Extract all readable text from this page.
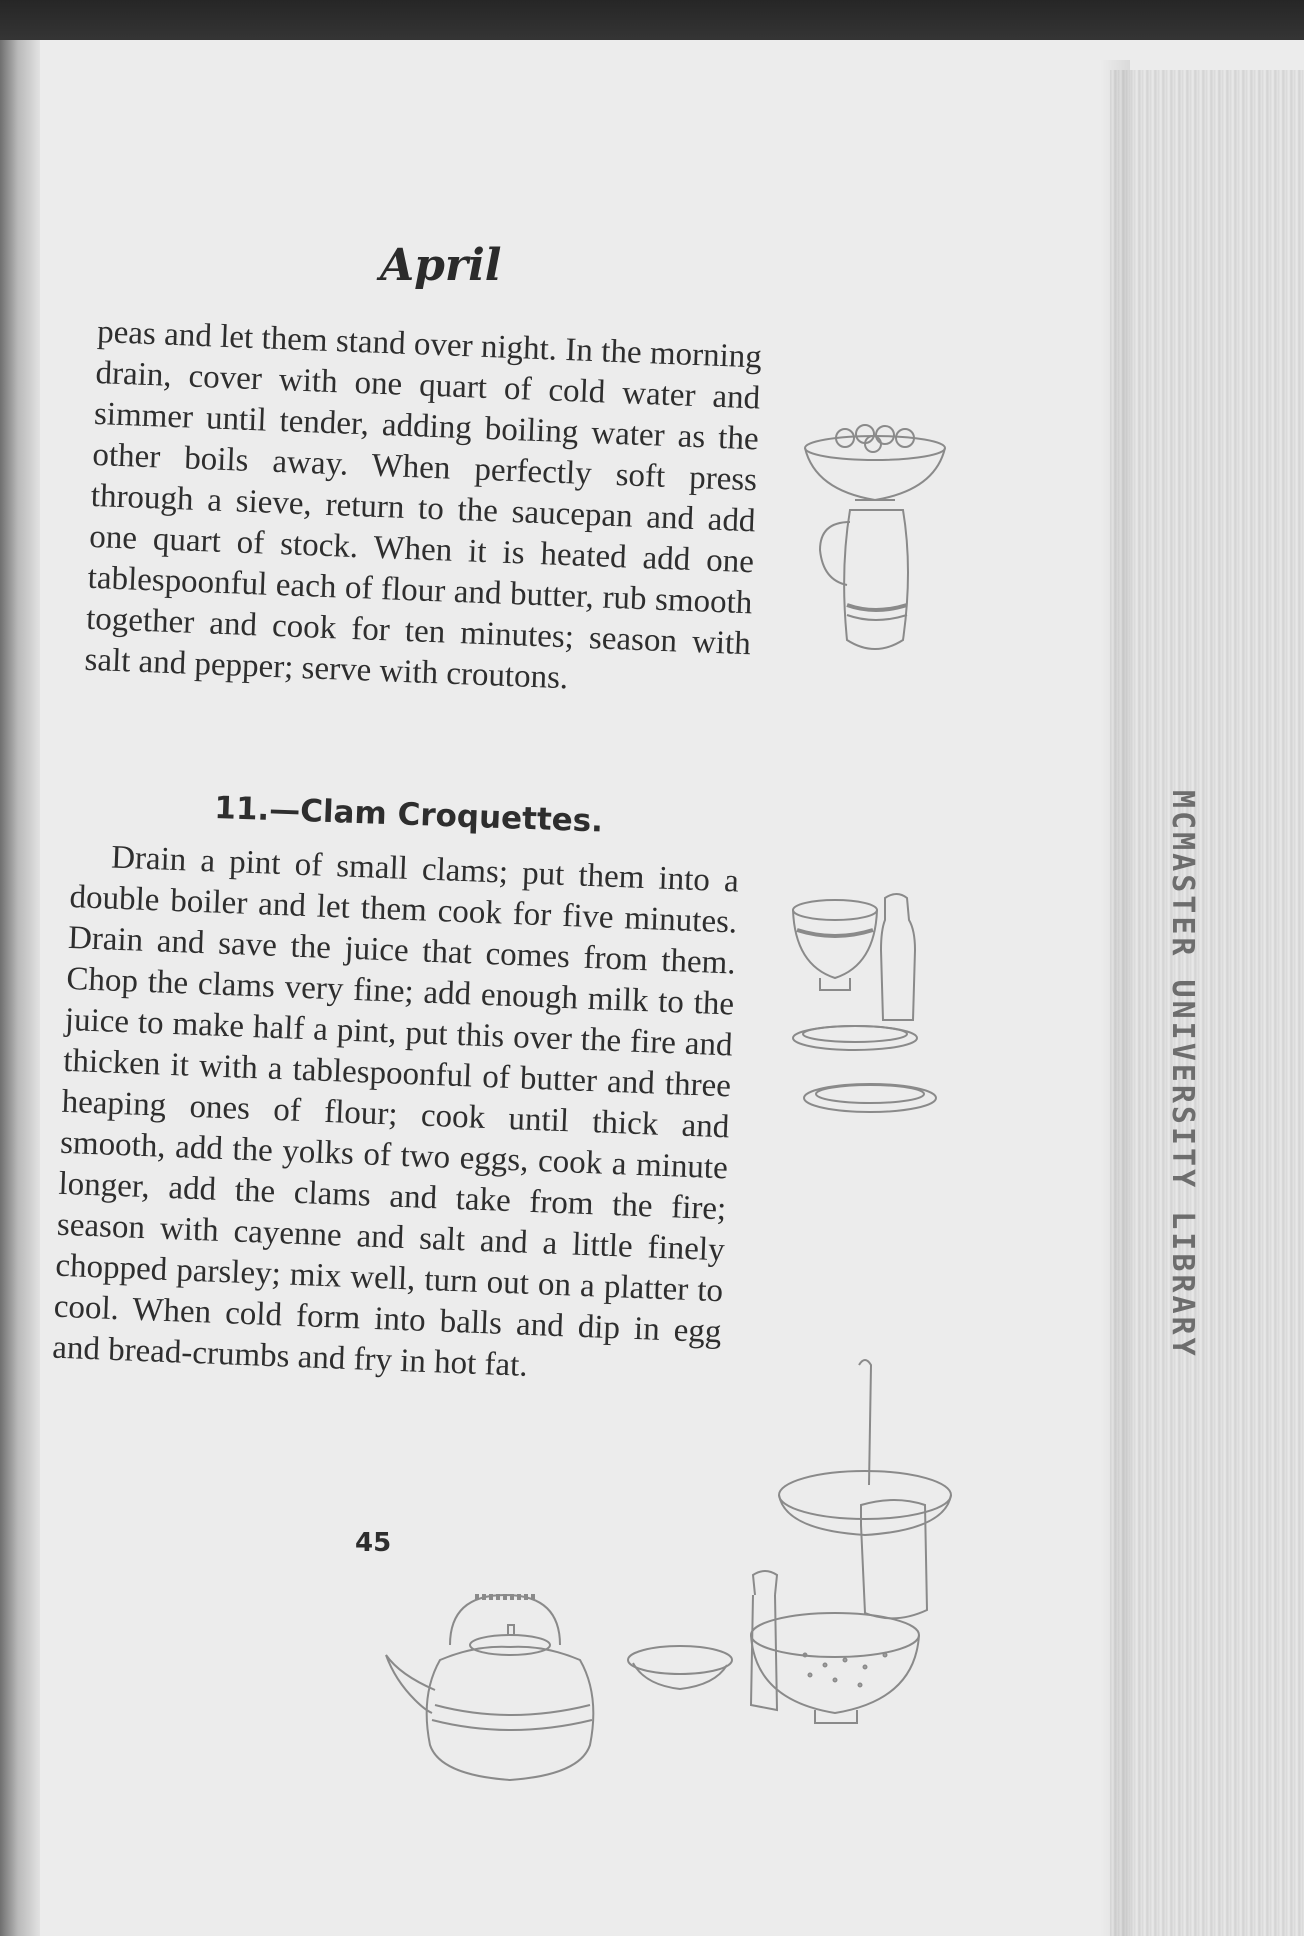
MCMASTER UNIVERSITY LIBRARY
April

peas and let them stand over night. In the morning drain, cover with one quart of cold water and simmer until tender, adding boiling water as the other boils away. When perfectly soft press through a sieve, return to the saucepan and add one quart of stock. When it is heated add one tablespoonful each of flour and butter, rub smooth together and cook for ten minutes; season with salt and pepper; serve with croutons.

11.—Clam Croquettes.

Drain a pint of small clams; put them into a double boiler and let them cook for five minutes. Drain and save the juice that comes from them. Chop the clams very fine; add enough milk to the juice to make half a pint, put this over the fire and thicken it with a tablespoonful of butter and three heaping ones of flour; cook until thick and smooth, add the yolks of two eggs, cook a minute longer, add the clams and take from the fire; season with cayenne and salt and a little finely chopped parsley; mix well, turn out on a platter to cool. When cold form into balls and dip in egg and bread-crumbs and fry in hot fat.

45
